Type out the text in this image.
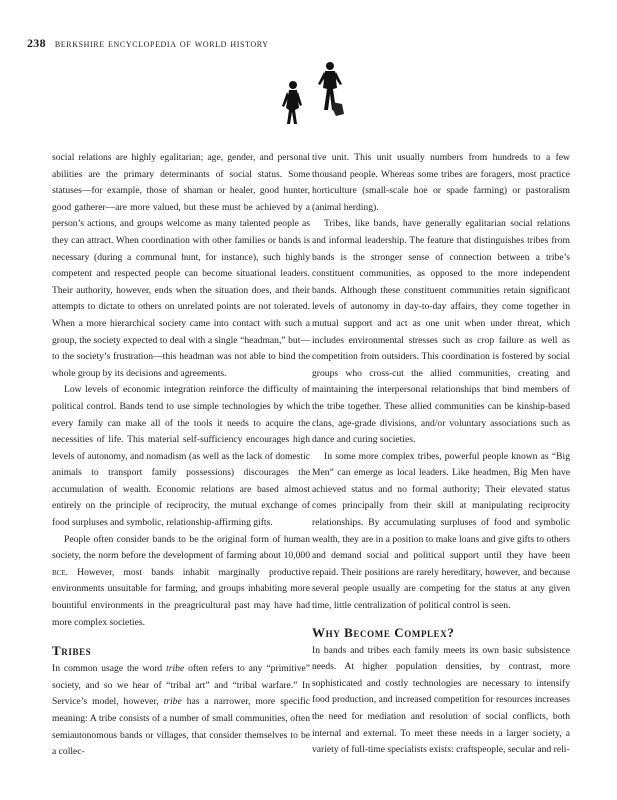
238 berkshire encyclopedia of world history

social relations are highly egalitarian; age, gender, and personal abilities are the primary determinants of social status. Some statuses—for example, those of shaman or healer, good hunter, good gatherer—are more valued, but these must be achieved by a person’s actions, and groups welcome as many talented people as they can attract. When coordination with other families or bands is necessary (during a communal hunt, for instance), such highly competent and respected people can become situational leaders. Their authority, however, ends when the situation does, and their attempts to dictate to others on unrelated points are not tolerated. When a more hierarchical society came into contact with such a group, the society expected to deal with a single “headman,” but—to the society’s frustration—this headman was not able to bind the whole group by its decisions and agreements.

Low levels of economic integration reinforce the difficulty of political control. Bands tend to use simple technologies by which every family can make all of the tools it needs to acquire the necessities of life. This material self-sufficiency encourages high levels of autonomy, and nomadism (as well as the lack of domestic animals to transport family possessions) discourages the accumulation of wealth. Economic relations are based almost entirely on the principle of reciprocity, the mutual exchange of food surpluses and symbolic, relationship-affirming gifts.

People often consider bands to be the original form of human society, the norm before the development of farming about 10,000 bce. However, most bands inhabit marginally productive environments unsuitable for farming, and groups inhabiting more bountiful environments in the preagricultural past may have had more complex societies.

Tribes

In common usage the word tribe often refers to any “primitive” society, and so we hear of “tribal art” and “tribal warfare.” In Service’s model, however, tribe has a narrower, more specific meaning: A tribe consists of a number of small communities, often semiautonomous bands or villages, that consider themselves to be a collec-

tive unit. This unit usually numbers from hundreds to a few thousand people. Whereas some tribes are foragers, most practice horticulture (small-scale hoe or spade farming) or pastoralism (animal herding).

Tribes, like bands, have generally egalitarian social relations and informal leadership. The feature that distinguishes tribes from bands is the stronger sense of connection between a tribe’s constituent communities, as opposed to the more independent bands. Although these constituent communities retain significant levels of autonomy in day-to-day affairs, they come together in mutual support and act as one unit when under threat, which includes environmental stresses such as crop failure as well as competition from outsiders. This coordination is fostered by social groups who cross-cut the allied communities, creating and maintaining the interpersonal relationships that bind members of the tribe together. These allied communities can be kinship-based clans, age-grade divisions, and/or voluntary associations such as dance and curing societies.

In some more complex tribes, powerful people known as “Big Men” can emerge as local leaders. Like headmen, Big Men have achieved status and no formal authority; Their elevated status comes principally from their skill at manipulating reciprocity relationships. By accumulating surpluses of food and symbolic wealth, they are in a position to make loans and give gifts to others and demand social and political support until they have been repaid. Their positions are rarely hereditary, however, and because several people usually are competing for the status at any given time, little centralization of political control is seen.

Why Become Complex?

In bands and tribes each family meets its own basic subsistence needs. At higher population densities, by contrast, more sophisticated and costly technologies are necessary to intensify food production, and increased competition for resources increases the need for mediation and resolution of social conflicts, both internal and external. To meet these needs in a larger society, a variety of full-time specialists exists: craftspeople, secular and reli-
